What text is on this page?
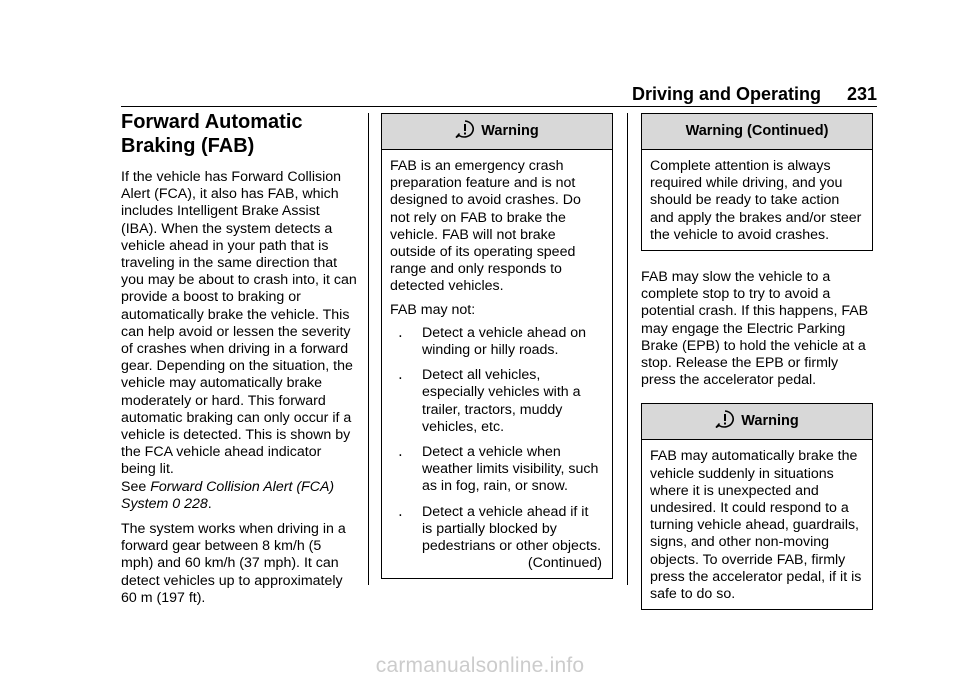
Driving and Operating 231
Forward Automatic
Braking (FAB)

If the vehicle has Forward Collision Alert (FCA), it also has FAB, which includes Intelligent Brake Assist (IBA). When the system detects a vehicle ahead in your path that is traveling in the same direction that you may be about to crash into, it can provide a boost to braking or automatically brake the vehicle. This can help avoid or lessen the severity of crashes when driving in a forward gear. Depending on the situation, the vehicle may automatically brake moderately or hard. This forward automatic braking can only occur if a vehicle is detected. This is shown by the FCA vehicle ahead indicator being lit.

See Forward Collision Alert (FCA) System 0 228.

The system works when driving in a forward gear between 8 km/h (5 mph) and 60 km/h (37 mph). It can detect vehicles up to approximately 60 m (197 ft).

Warning

FAB is an emergency crash preparation feature and is not designed to avoid crashes. Do not rely on FAB to brake the vehicle. FAB will not brake outside of its operating speed range and only responds to detected vehicles.

FAB may not:

․	Detect a vehicle ahead on winding or hilly roads.
․	Detect all vehicles, especially vehicles with a trailer, tractors, muddy vehicles, etc.
․	Detect a vehicle when weather limits visibility, such as in fog, rain, or snow.
․	Detect a vehicle ahead if it is partially blocked by pedestrians or other objects.
(Continued)
Warning (Continued)

Complete attention is always required while driving, and you should be ready to take action and apply the brakes and/or steer the vehicle to avoid crashes.

FAB may slow the vehicle to a complete stop to try to avoid a potential crash. If this happens, FAB may engage the Electric Parking Brake (EPB) to hold the vehicle at a stop. Release the EPB or firmly press the accelerator pedal.

Warning

FAB may automatically brake the vehicle suddenly in situations where it is unexpected and undesired. It could respond to a turning vehicle ahead, guardrails, signs, and other non-moving objects. To override FAB, firmly press the accelerator pedal, if it is safe to do so.

carmanualsonline.info
